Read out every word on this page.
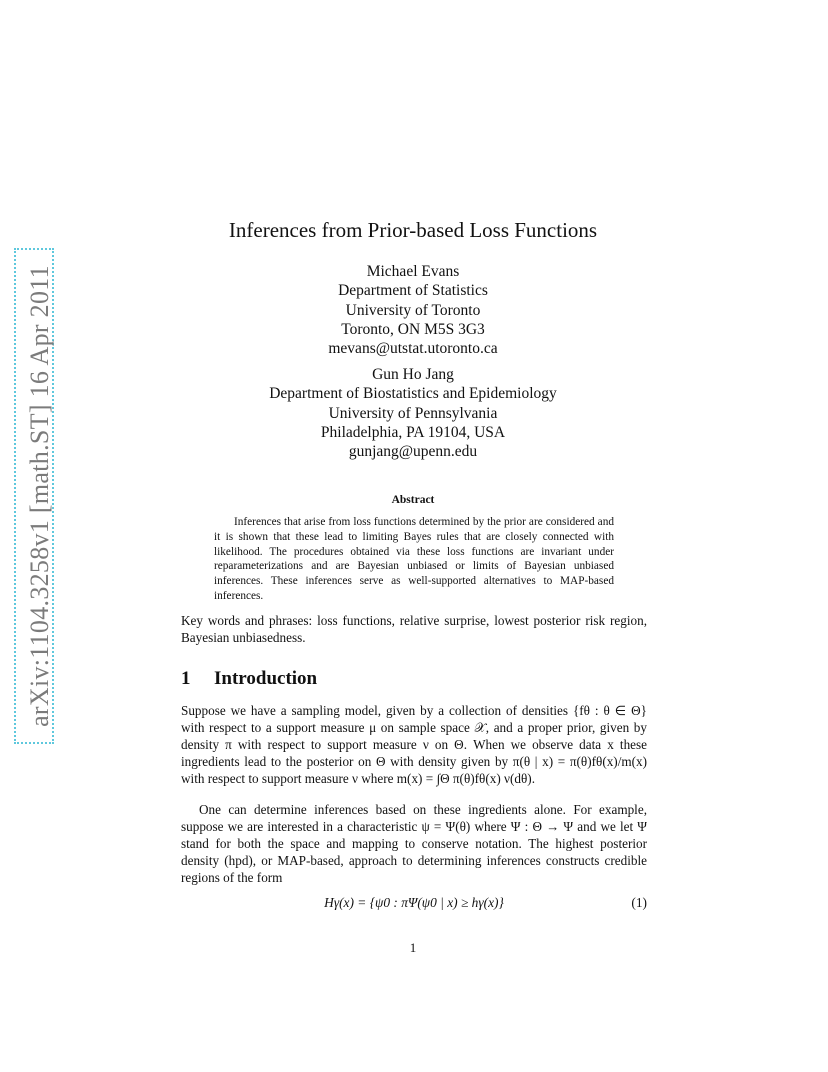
arXiv:1104.3258v1 [math.ST] 16 Apr 2011
Inferences from Prior-based Loss Functions
Michael Evans
Department of Statistics
University of Toronto
Toronto, ON M5S 3G3
mevans@utstat.utoronto.ca
Gun Ho Jang
Department of Biostatistics and Epidemiology
University of Pennsylvania
Philadelphia, PA 19104, USA
gunjang@upenn.edu
Abstract
Inferences that arise from loss functions determined by the prior are considered and it is shown that these lead to limiting Bayes rules that are closely connected with likelihood. The procedures obtained via these loss functions are invariant under reparameterizations and are Bayesian unbiased or limits of Bayesian unbiased inferences. These inferences serve as well-supported alternatives to MAP-based inferences.
Key words and phrases: loss functions, relative surprise, lowest posterior risk region, Bayesian unbiasedness.
1 Introduction
Suppose we have a sampling model, given by a collection of densities {fθ : θ ∈ Θ} with respect to a support measure μ on sample space 𝒳, and a proper prior, given by density π with respect to support measure ν on Θ. When we observe data x these ingredients lead to the posterior on Θ with density given by π(θ | x) = π(θ)fθ(x)/m(x) with respect to support measure ν where m(x) = ∫Θ π(θ)fθ(x) ν(dθ).
One can determine inferences based on these ingredients alone. For example, suppose we are interested in a characteristic ψ = Ψ(θ) where Ψ : Θ → Ψ and we let Ψ stand for both the space and mapping to conserve notation. The highest posterior density (hpd), or MAP-based, approach to determining inferences constructs credible regions of the form
Hγ(x) = {ψ0 : πΨ(ψ0 | x) ≥ hγ(x)}	(1)
1
